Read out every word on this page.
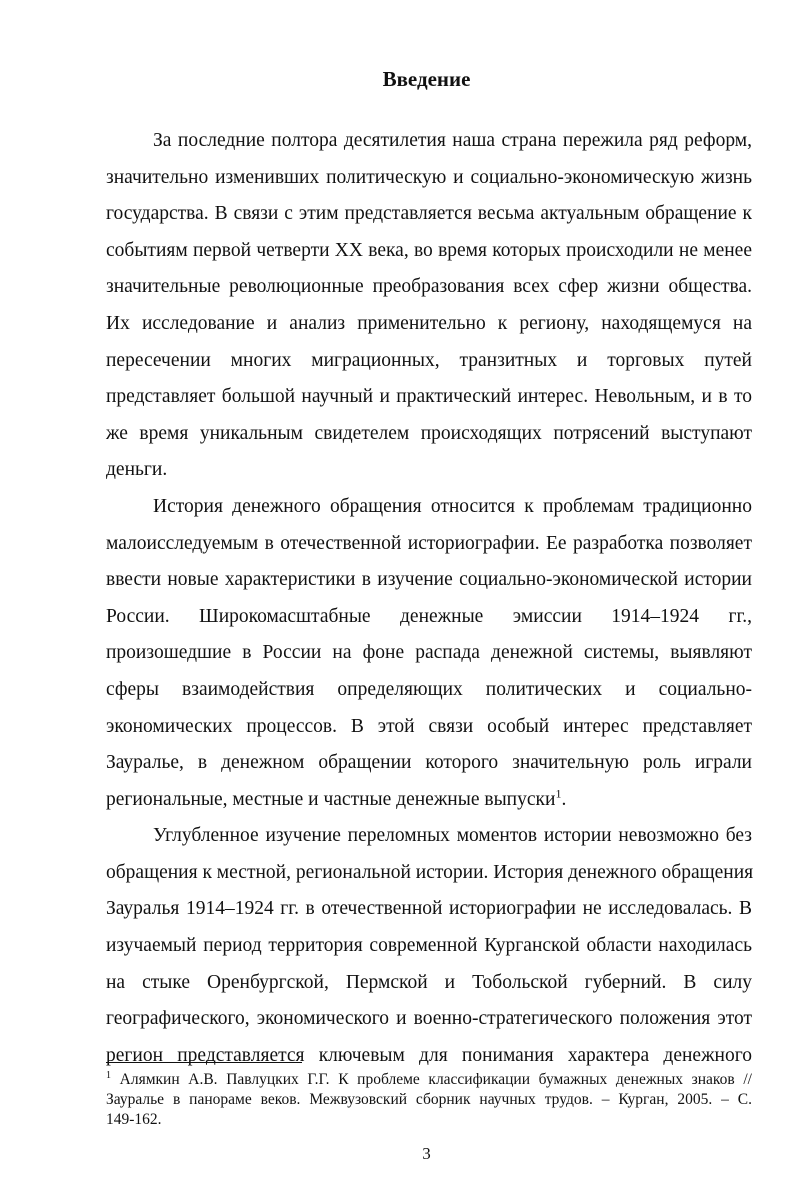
Введение
За последние полтора десятилетия наша страна пережила ряд реформ,
значительно изменивших политическую и социально-экономическую жизнь
государства. В связи с этим представляется весьма актуальным обращение к
событиям первой четверти XX века, во время которых происходили не менее
значительные революционные преобразования всех сфер жизни общества.
Их исследование и анализ применительно к региону, находящемуся на
пересечении многих миграционных, транзитных и торговых путей
представляет большой научный и практический интерес. Невольным, и в то
же время уникальным свидетелем происходящих потрясений выступают
деньги.
История денежного обращения относится к проблемам традиционно
малоисследуемым в отечественной историографии. Ее разработка позволяет
ввести новые характеристики в изучение социально-экономической истории
России. Широкомасштабные денежные эмиссии 1914–1924 гг.,
произошедшие в России на фоне распада денежной системы, выявляют
сферы взаимодействия определяющих политических и социально-
экономических процессов. В этой связи особый интерес представляет
Зауралье, в денежном обращении которого значительную роль играли
региональные, местные и частные денежные выпуски$^1$.
Углубленное изучение переломных моментов истории невозможно без
обращения к местной, региональной истории. История денежного обращения
Зауралья 1914–1924 гг. в отечественной историографии не исследовалась. В
изучаемый период территория современной Курганской области находилась
на стыке Оренбургской, Пермской и Тобольской губерний. В силу
географического, экономического и военно-стратегического положения этот
регион представляется ключевым для понимания характера денежного
$^1$ Алямкин А.В. Павлуцких Г.Г. К проблеме классификации бумажных денежных знаков //
Зауралье в панораме веков. Межвузовский сборник научных трудов. – Курган, 2005. – С.
149-162.
3
